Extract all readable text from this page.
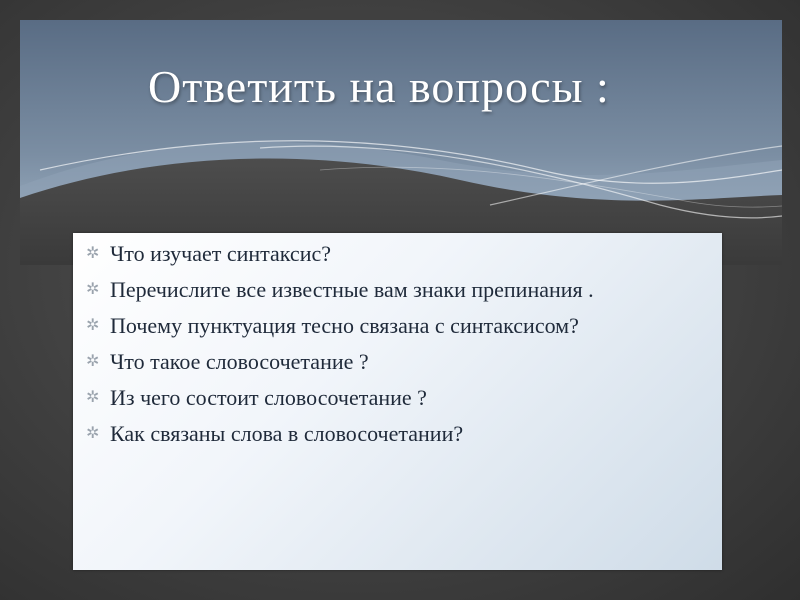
Ответить на вопросы :
✲ Что изучает синтаксис?
✲ Перечислите все известные вам знаки препинания .
✲ Почему пунктуация тесно связана с синтаксисом?
✲ Что такое словосочетание ?
✲ Из чего состоит словосочетание ?
✲ Как связаны слова в словосочетании?
